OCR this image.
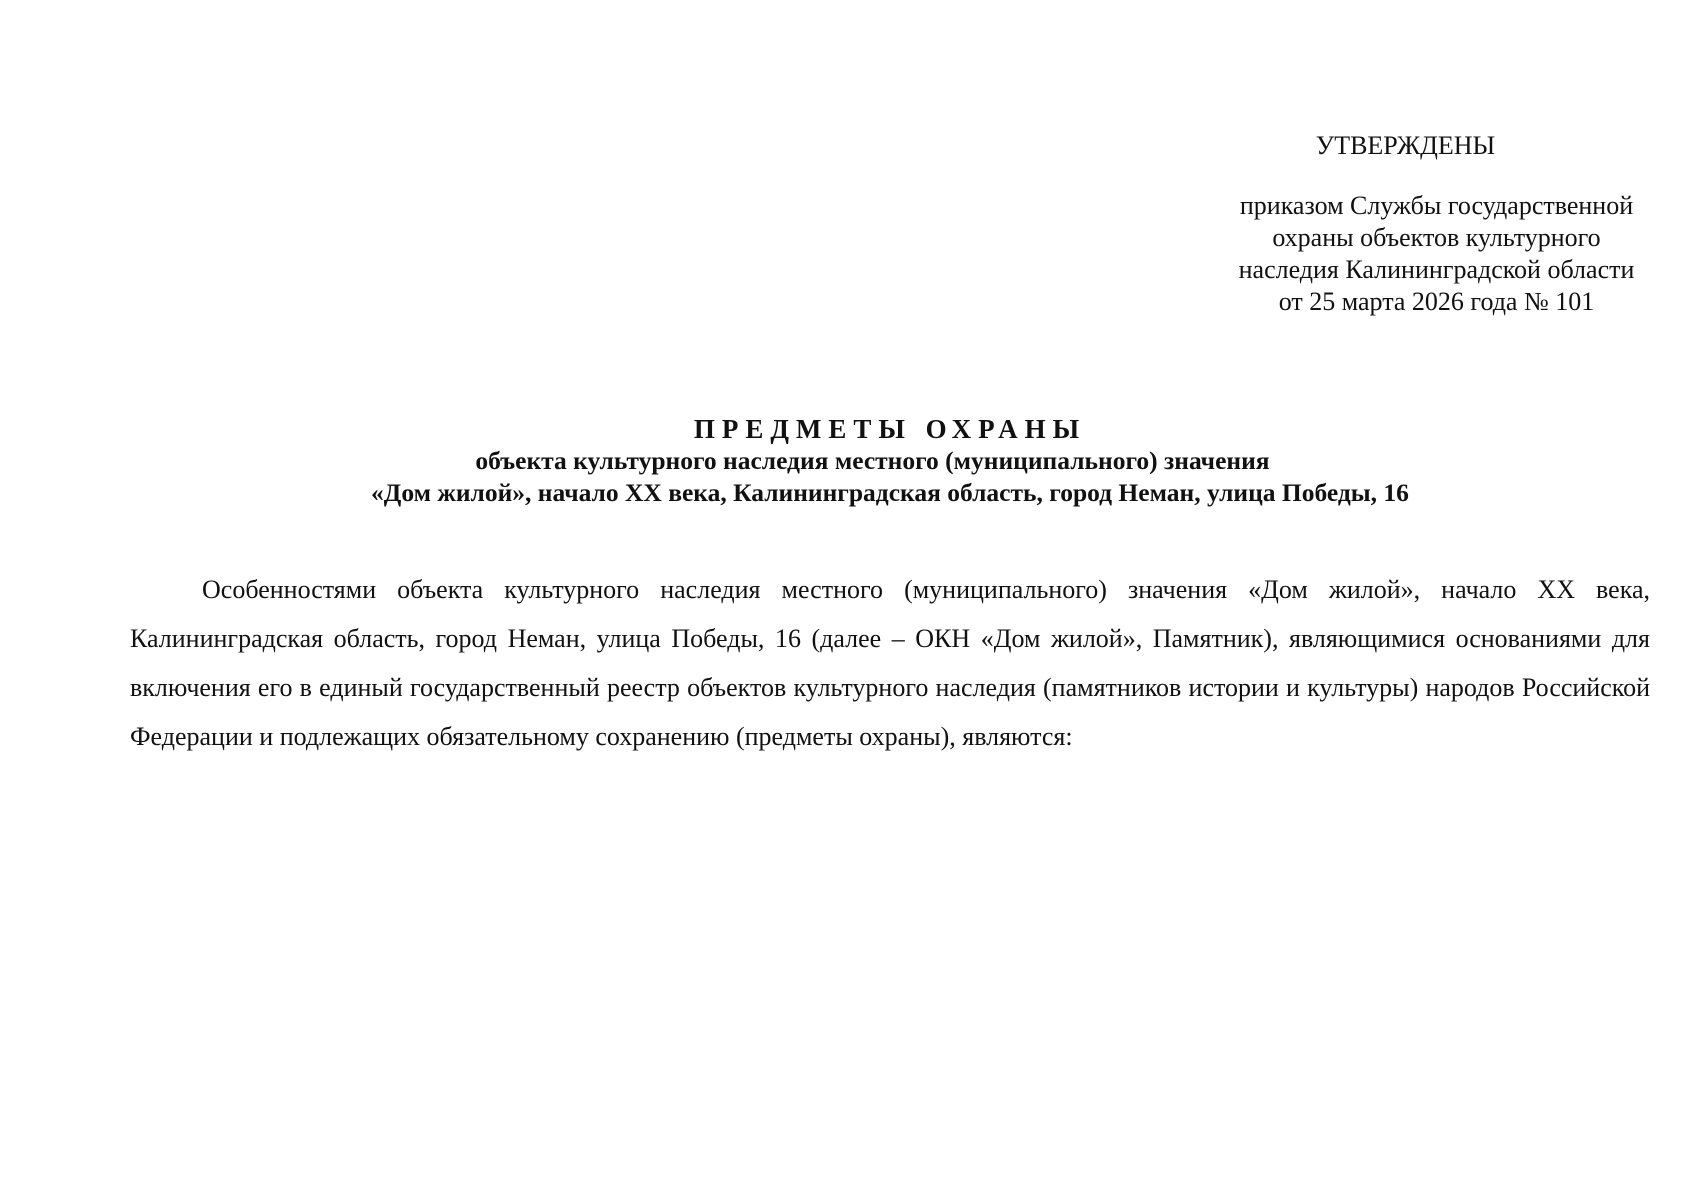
УТВЕРЖДЕНЫ
приказом Службы государственной
охраны объектов культурного
наследия Калининградской области
от 25 марта 2026 года № 101
ПРЕДМЕТЫ ОХРАНЫ
объекта культурного наследия местного (муниципального) значения
«Дом жилой», начало XX века, Калининградская область, город Неман, улица Победы, 16

Особенностями объекта культурного наследия местного (муниципального) значения «Дом жилой», начало XX века, Калининградская область, город Неман, улица Победы, 16 (далее – ОКН «Дом жилой», Памятник), являющимися основаниями для включения его в единый государственный реестр объектов культурного наследия (памятников истории и культуры) народов Российской Федерации и подлежащих обязательному сохранению (предметы охраны), являются:
